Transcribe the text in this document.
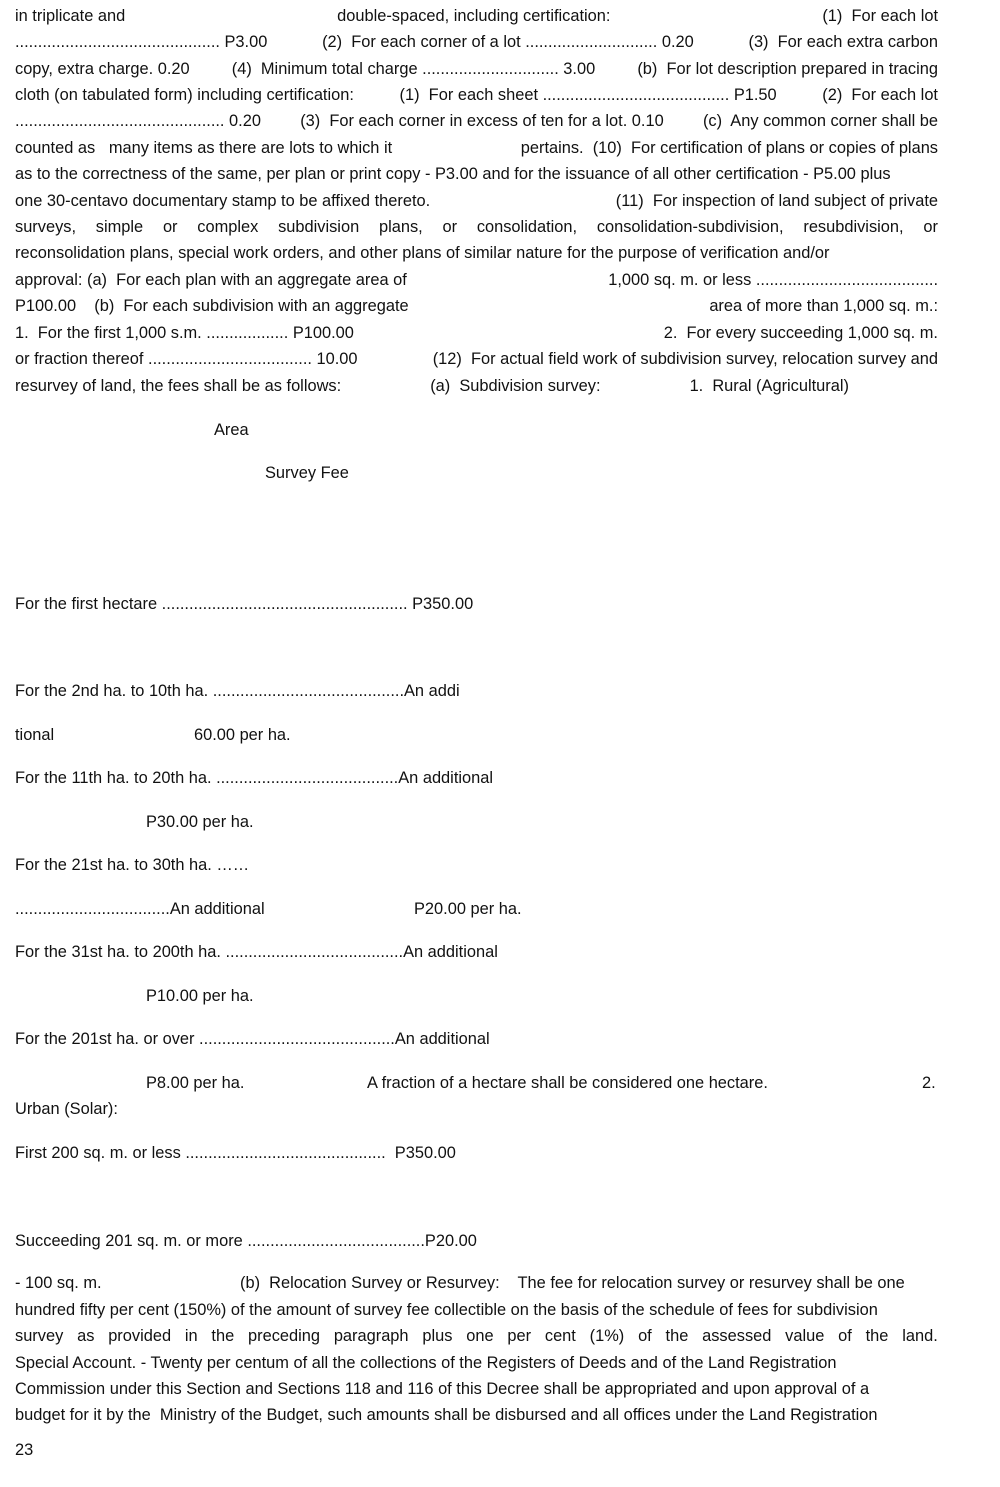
in triplicate and	double-spaced, including certification:	(1)  For each lot
............................................. P3.00	(2)  For each corner of a lot ............................. 0.20	(3)  For each extra carbon
copy, extra charge. 0.20	(4)  Minimum total charge .............................. 3.00	(b)  For lot description prepared in tracing
cloth (on tabulated form) including certification:	(1)  For each sheet ......................................... P1.50	(2)  For each lot
.............................................. 0.20 (3)  For each corner in excess of ten for a lot. 0.10 (c)  Any common corner shall be
counted as   many items as there are lots to which it	pertains.  (10)  For certification of plans or copies of plans
as to the correctness of the same, per plan or print copy - P3.00 and for the issuance of all other certification - P5.00 plus
one 30-centavo documentary stamp to be affixed thereto.	(11)  For inspection of land subject of private
surveys, simple or complex subdivision plans, or consolidation, consolidation-subdivision, resubdivision, or
reconsolidation plans, special work orders, and other plans of similar nature for the purpose of verification and/or
approval: (a)  For each plan with an aggregate area of	1,000 sq. m. or less ........................................
P100.00    (b)  For each subdivision with an aggregate	area of more than 1,000 sq. m.:
1.  For the first 1,000 s.m. .................. P100.00	2.  For every succeeding 1,000 sq. m.
or fraction thereof .................................... 10.00	(12)  For actual field work of subdivision survey, relocation survey and
resurvey of land, the fees shall be as follows:	(a)  Subdivision survey:	1.  Rural (Agricultural)
Area
Survey Fee
For the first hectare ...................................................... P350.00
For the 2nd ha. to 10th ha. ..........................................An addi
tional	60.00 per ha.
For the 11th ha. to 20th ha. ........................................An additional
P30.00 per ha.
For the 21st ha. to 30th ha. ……
..................................An additional	P20.00 per ha.
For the 31st ha. to 200th ha. .......................................An additional
P10.00 per ha.
For the 201st ha. or over ...........................................An additional
P8.00 per ha.	A fraction of a hectare shall be considered one hectare.	2.
Urban (Solar):
First 200 sq. m. or less ............................................  P350.00
Succeeding 201 sq. m. or more .......................................P20.00
- 100 sq. m.	(b)  Relocation Survey or Resurvey:    The fee for relocation survey or resurvey shall be one
hundred fifty per cent (150%) of the amount of survey fee collectible on the basis of the schedule of fees for subdivision
survey as provided in the preceding paragraph plus one per cent (1%) of the assessed value of the land.
Special Account. - Twenty per centum of all the collections of the Registers of Deeds and of the Land Registration
Commission under this Section and Sections 118 and 116 of this Decree shall be appropriated and upon approval of a
budget for it by the  Ministry of the Budget, such amounts shall be disbursed and all offices under the Land Registration
23
